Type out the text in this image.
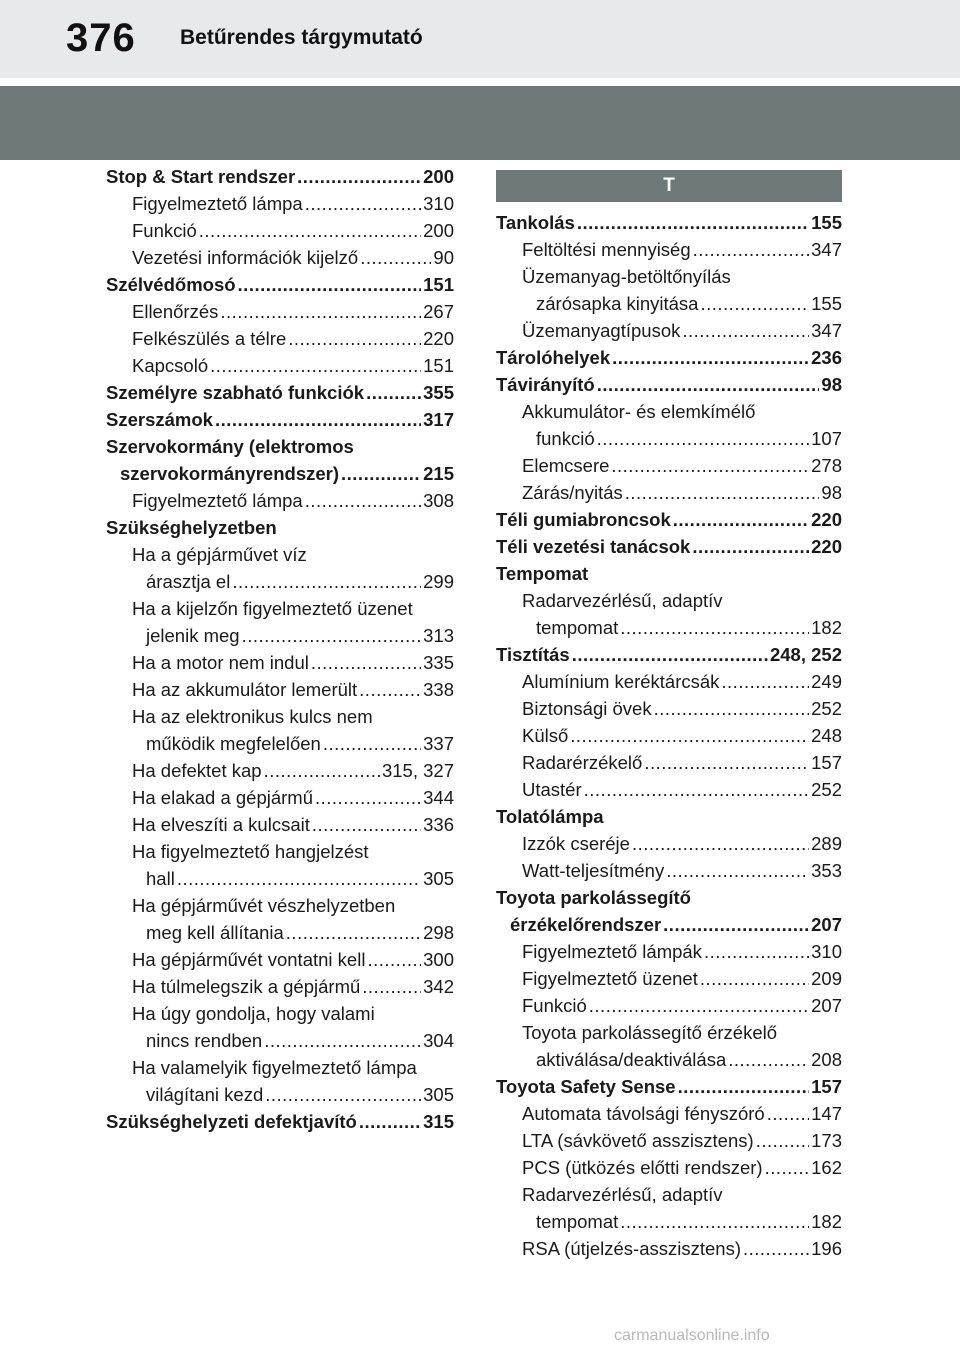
376 Betűrendes tárgymutató
Stop & Start rendszer .....	200
Figyelmeztető lámpa .....	310
Funkció .....	200
Vezetési információk kijelző .....	90
Szélvédőmosó .....	151
Ellenőrzés .....	267
Felkészülés a télre .....	220
Kapcsoló .....	151
Személyre szabható funkciók .....	355
Szerszámok .....	317
Szervokormány (elektromos
szervokormányrendszer) .....	215
Figyelmeztető lámpa .....	308
Szükséghelyzetben
Ha a gépjárművet víz
árasztja el .....	299
Ha a kijelzőn figyelmeztető üzenet
jelenik meg .....	313
Ha a motor nem indul .....	335
Ha az akkumulátor lemerült .....	338
Ha az elektronikus kulcs nem
működik megfelelően .....	337
Ha defektet kap .....	315, 327
Ha elakad a gépjármű .....	344
Ha elveszíti a kulcsait .....	336
Ha figyelmeztető hangjelzést
hall .....	305
Ha gépjárművét vészhelyzetben
meg kell állítania .....	298
Ha gépjárművét vontatni kell .....	300
Ha túlmelegszik a gépjármű .....	342
Ha úgy gondolja, hogy valami
nincs rendben .....	304
Ha valamelyik figyelmeztető lámpa
világítani kezd .....	305
Szükséghelyzeti defektjavító .....	315
T
Tankolás .....	155
Feltöltési mennyiség .....	347
Üzemanyag-betöltőnyílás
zárósapka kinyitása .....	155
Üzemanyagtípusok .....	347
Tárolóhelyek .....	236
Távirányító .....	98
Akkumulátor- és elemkímélő
funkció .....	107
Elemcsere .....	278
Zárás/nyitás .....	98
Téli gumiabroncsok .....	220
Téli vezetési tanácsok .....	220
Tempomat
Radarvezérlésű, adaptív
tempomat .....	182
Tisztítás .....	248, 252
Alumínium keréktárcsák .....	249
Biztonsági övek .....	252
Külső .....	248
Radarérzékelő .....	157
Utastér .....	252
Tolatólámpa
Izzók cseréje .....	289
Watt-teljesítmény .....	353
Toyota parkolássegítő
érzékelőrendszer .....	207
Figyelmeztető lámpák .....	310
Figyelmeztető üzenet .....	209
Funkció .....	207
Toyota parkolássegítő érzékelő
aktiválása/deaktiválása .....	208
Toyota Safety Sense .....	157
Automata távolsági fényszóró .....	147
LTA (sávkövető asszisztens) .....	173
PCS (ütközés előtti rendszer) .....	162
Radarvezérlésű, adaptív
tempomat .....	182
RSA (útjelzés-asszisztens) .....	196
carmanualsonline.info
